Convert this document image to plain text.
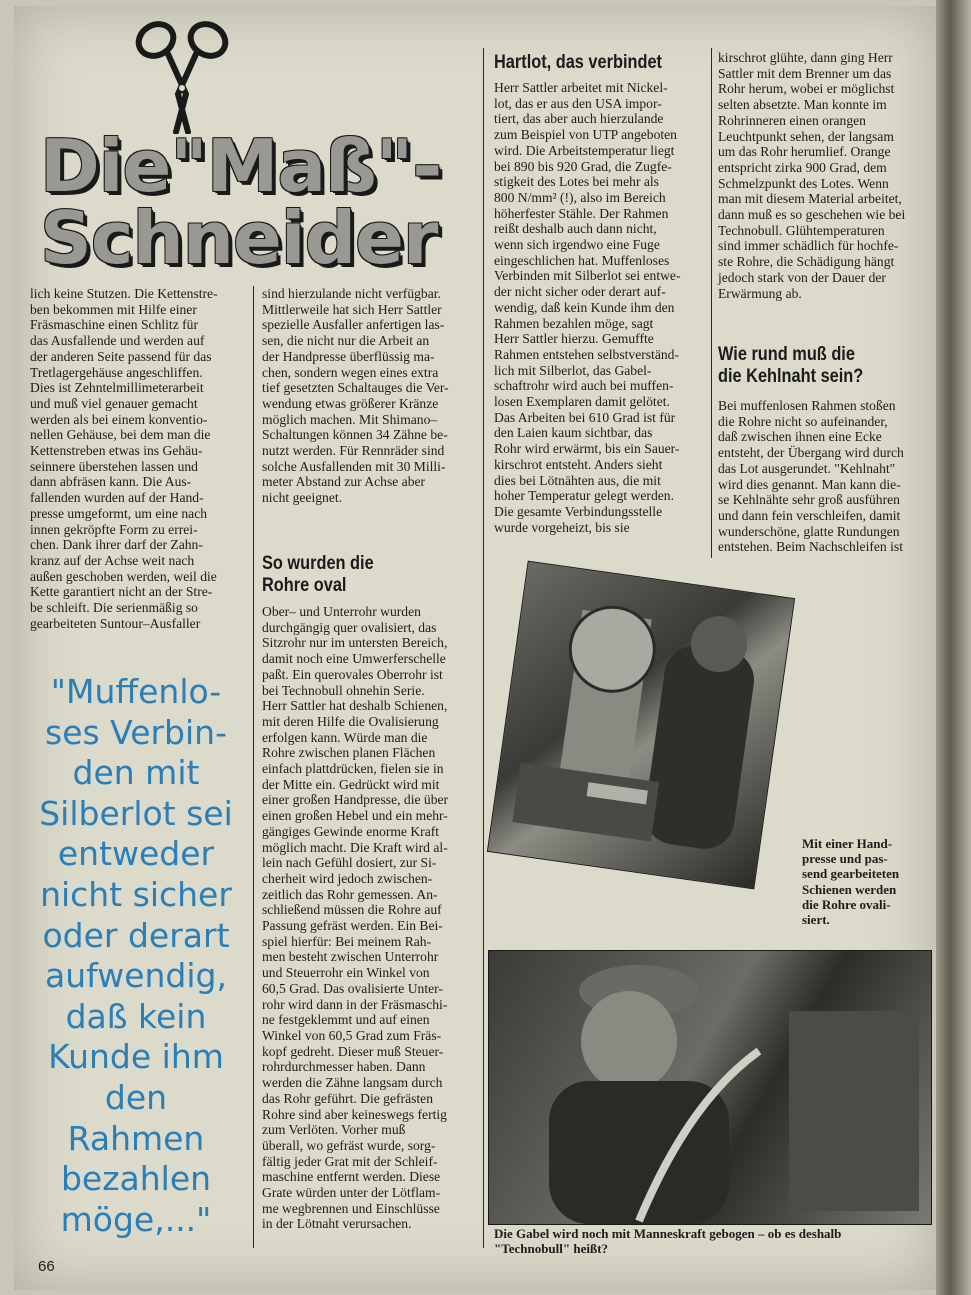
Die"Maß"-
Schneider
lich keine Stutzen. Die Kettenstre-
ben bekommen mit Hilfe einer
Fräsmaschine einen Schlitz für
das Ausfallende und werden auf
der anderen Seite passend für das
Tretlagergehäuse angeschliffen.
Dies ist Zehntelmillimeterarbeit
und muß viel genauer gemacht
werden als bei einem konventio-
nellen Gehäuse, bei dem man die
Kettenstreben etwas ins Gehäu-
seinnere überstehen lassen und
dann abfräsen kann. Die Aus-
fallenden wurden auf der Hand-
presse umgeformt, um eine nach
innen gekröpfte Form zu errei-
chen. Dank ihrer darf der Zahn-
kranz auf der Achse weit nach
außen geschoben werden, weil die
Kette garantiert nicht an der Stre-
be schleift. Die serienmäßig so
gearbeiteten Suntour–Ausfaller
"Muffenlo-
ses Verbin-
den mit
Silberlot sei
entweder
nicht sicher
oder derart
aufwendig,
daß kein
Kunde ihm
den
Rahmen
bezahlen
möge,..."
sind hierzulande nicht verfügbar.
Mittlerweile hat sich Herr Sattler
spezielle Ausfaller anfertigen las-
sen, die nicht nur die Arbeit an
der Handpresse überflüssig ma-
chen, sondern wegen eines extra
tief gesetzten Schaltauges die Ver-
wendung etwas größerer Kränze
möglich machen. Mit Shimano–
Schaltungen können 34 Zähne be-
nutzt werden. Für Rennräder sind
solche Ausfallenden mit 30 Milli-
meter Abstand zur Achse aber
nicht geeignet.
So wurden die
Rohre oval
Ober– und Unterrohr wurden
durchgängig quer ovalisiert, das
Sitzrohr nur im untersten Bereich,
damit noch eine Umwerferschelle
paßt. Ein querovales Oberrohr ist
bei Technobull ohnehin Serie.
Herr Sattler hat deshalb Schienen,
mit deren Hilfe die Ovalisierung
erfolgen kann. Würde man die
Rohre zwischen planen Flächen
einfach plattdrücken, fielen sie in
der Mitte ein. Gedrückt wird mit
einer großen Handpresse, die über
einen großen Hebel und ein mehr-
gängiges Gewinde enorme Kraft
möglich macht. Die Kraft wird al-
lein nach Gefühl dosiert, zur Si-
cherheit wird jedoch zwischen-
zeitlich das Rohr gemessen. An-
schließend müssen die Rohre auf
Passung gefräst werden. Ein Bei-
spiel hierfür: Bei meinem Rah-
men besteht zwischen Unterrohr
und Steuerrohr ein Winkel von
60,5 Grad. Das ovalisierte Unter-
rohr wird dann in der Fräsmaschi-
ne festgeklemmt und auf einen
Winkel von 60,5 Grad zum Fräs-
kopf gedreht. Dieser muß Steuer-
rohrdurchmesser haben. Dann
werden die Zähne langsam durch
das Rohr geführt. Die gefrästen
Rohre sind aber keineswegs fertig
zum Verlöten. Vorher muß
überall, wo gefräst wurde, sorg-
fältig jeder Grat mit der Schleif-
maschine entfernt werden. Diese
Grate würden unter der Lötflam-
me wegbrennen und Einschlüsse
in der Lötnaht verursachen.
Hartlot, das verbindet
Herr Sattler arbeitet mit Nickel-
lot, das er aus den USA impor-
tiert, das aber auch hierzulande
zum Beispiel von UTP angeboten
wird. Die Arbeitstemperatur liegt
bei 890 bis 920 Grad, die Zugfe-
stigkeit des Lotes bei mehr als
800 N/mm² (!), also im Bereich
höherfester Stähle. Der Rahmen
reißt deshalb auch dann nicht,
wenn sich irgendwo eine Fuge
eingeschlichen hat. Muffenloses
Verbinden mit Silberlot sei entwe-
der nicht sicher oder derart auf-
wendig, daß kein Kunde ihm den
Rahmen bezahlen möge, sagt
Herr Sattler hierzu. Gemuffte
Rahmen entstehen selbstverständ-
lich mit Silberlot, das Gabel-
schaftrohr wird auch bei muffen-
losen Exemplaren damit gelötet.
Das Arbeiten bei 610 Grad ist für
den Laien kaum sichtbar, das
Rohr wird erwärmt, bis ein Sauer-
kirschrot entsteht. Anders sieht
dies bei Lötnähten aus, die mit
hoher Temperatur gelegt werden.
Die gesamte Verbindungsstelle
wurde vorgeheizt, bis sie
kirschrot glühte, dann ging Herr
Sattler mit dem Brenner um das
Rohr herum, wobei er möglichst
selten absetzte. Man konnte im
Rohrinneren einen orangen
Leuchtpunkt sehen, der langsam
um das Rohr herumlief. Orange
entspricht zirka 900 Grad, dem
Schmelzpunkt des Lotes. Wenn
man mit diesem Material arbeitet,
dann muß es so geschehen wie bei
Technobull. Glühtemperaturen
sind immer schädlich für hochfe-
ste Rohre, die Schädigung hängt
jedoch stark von der Dauer der
Erwärmung ab.
Wie rund muß die
die Kehlnaht sein?
Bei muffenlosen Rahmen stoßen
die Rohre nicht so aufeinander,
daß zwischen ihnen eine Ecke
entsteht, der Übergang wird durch
das Lot ausgerundet. "Kehlnaht"
wird dies genannt. Man kann die-
se Kehlnähte sehr groß ausführen
und dann fein verschleifen, damit
wunderschöne, glatte Rundungen
entstehen. Beim Nachschleifen ist
Mit einer Hand-
presse und pas-
send gearbeiteten
Schienen werden
die Rohre ovali-
siert.
Die Gabel wird noch mit Manneskraft gebogen – ob es deshalb
"Technobull" heißt?
66
